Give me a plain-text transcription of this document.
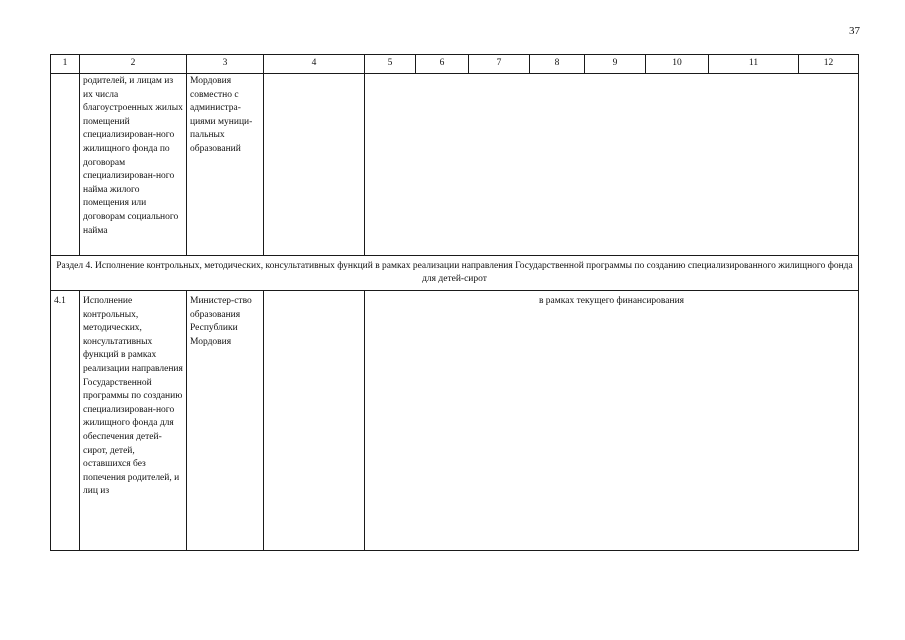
37
1	2	3	4	5	6	7	8	9	10	11	12
	родителей, и лицам из их числа благоустроенных жилых помещений специализирован-ного жилищного фонда по договорам специализирован-ного найма жилого помещения или договорам социального найма	Мордовия совместно с администра-циями муници-пальных образований									
Раздел 4. Исполнение контрольных, методических, консультативных функций в рамках реализации направления Государственной программы по созданию специализированного жилищного фонда для детей-сирот											
4.1	Исполнение контрольных, методических, консультативных функций в рамках реализации направления Государственной программы по созданию специализирован-ного жилищного фонда для обеспечения детей-сирот, детей, оставшихся без попечения родителей, и лиц из	Министер-ство образования Республики Мордовия		в рамках текущего финансирования							
